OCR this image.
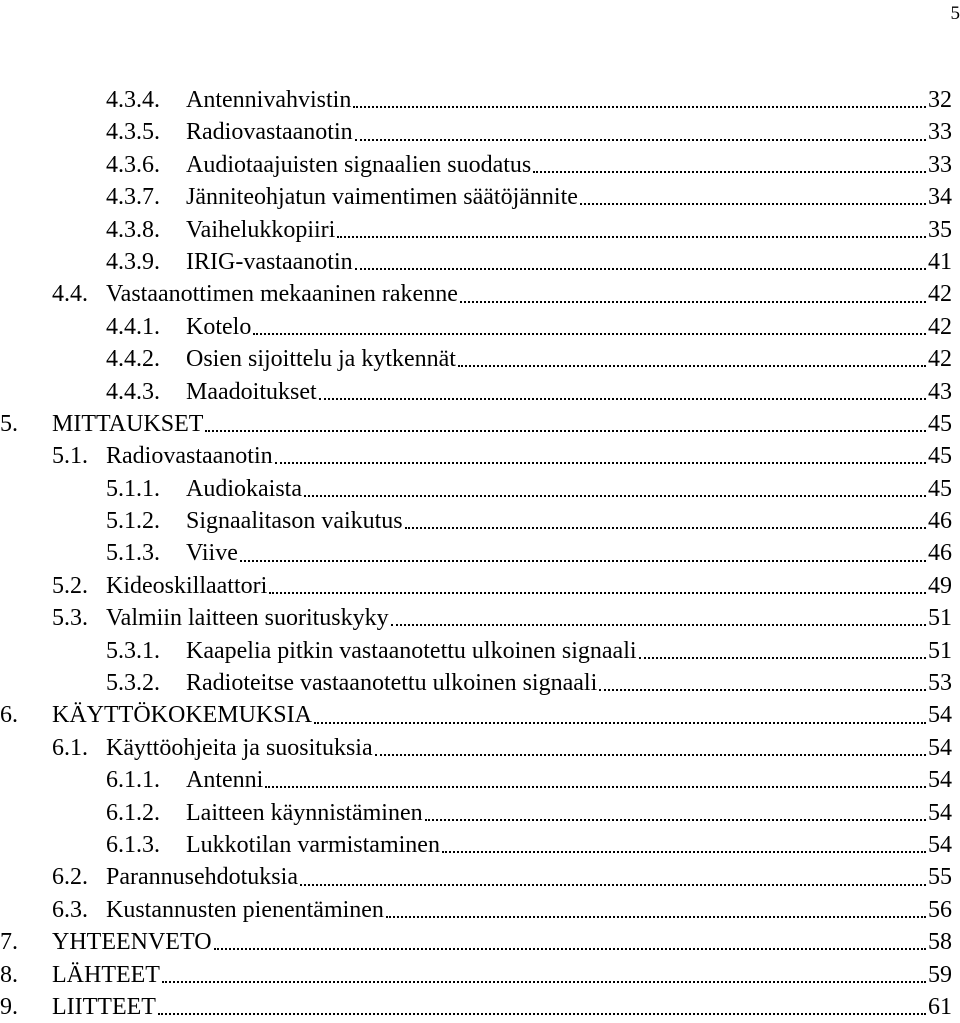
5
4.3.4.	Antennivahvistin	32
4.3.5.	Radiovastaanotin	33
4.3.6.	Audiotaajuisten signaalien suodatus	33
4.3.7.	Jänniteohjatun vaimentimen säätöjännite	34
4.3.8.	Vaihelukkopiiri	35
4.3.9.	IRIG-vastaanotin	41
4.4. Vastaanottimen mekaaninen rakenne	42
4.4.1.	Kotelo	42
4.4.2.	Osien sijoittelu ja kytkennät	42
4.4.3.	Maadoitukset	43
5.	MITTAUKSET	45
5.1. Radiovastaanotin	45
5.1.1.	Audiokaista	45
5.1.2.	Signaalitason vaikutus	46
5.1.3.	Viive	46
5.2. Kideoskillaattori	49
5.3. Valmiin laitteen suorituskyky	51
5.3.1.	Kaapelia pitkin vastaanotettu ulkoinen signaali	51
5.3.2.	Radioteitse vastaanotettu ulkoinen signaali	53
6.	KÄYTTÖKOKEMUKSIA	54
6.1. Käyttöohjeita ja suosituksia	54
6.1.1.	Antenni	54
6.1.2.	Laitteen käynnistäminen	54
6.1.3.	Lukkotilan varmistaminen	54
6.2. Parannusehdotuksia	55
6.3. Kustannusten pienentäminen	56
7.	YHTEENVETO	58
8.	LÄHTEET	59
9.	LIITTEET	61
